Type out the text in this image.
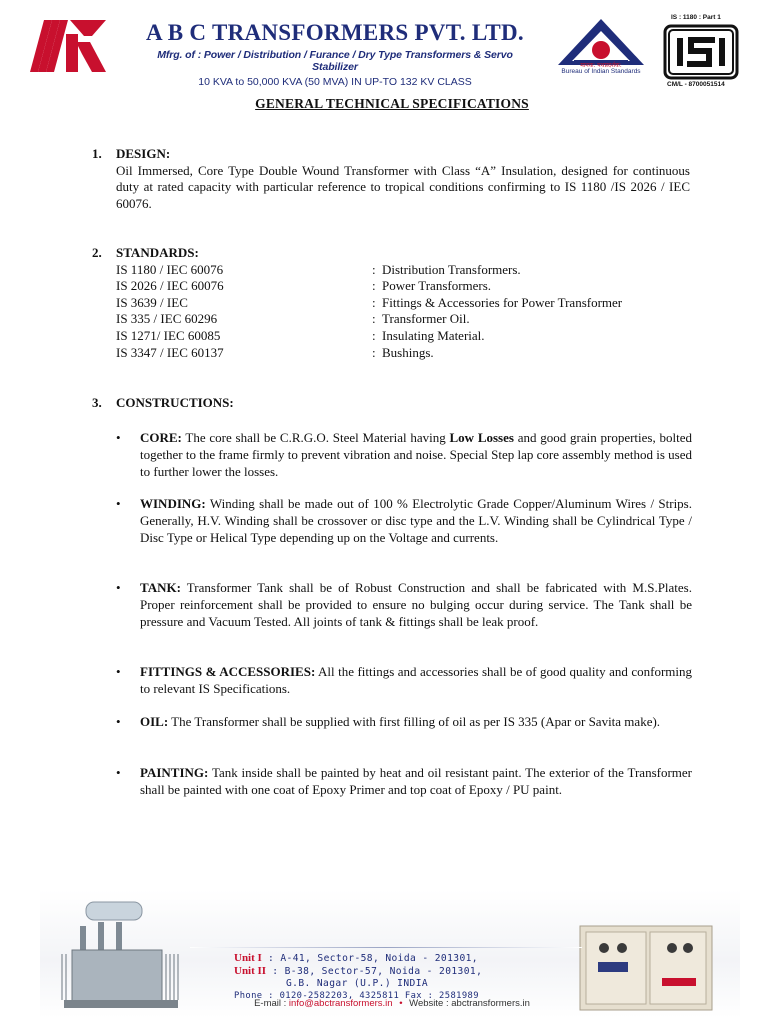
A B C TRANSFORMERS PVT. LTD.
Mfrg. of : Power / Distribution / Furance / Dry Type Transformers & Servo Stabilizer
10 KVA to 50,000 KVA (50 MVA) IN UP-TO 132 KV CLASS
मानक: पथप्रदर्शक:
Bureau of Indian Standards
IS : 1180 : Part 1
CM/L - 8700051514
GENERAL TECHNICAL SPECIFICATIONS
1.	DESIGN:
Oil Immersed, Core Type Double Wound Transformer with Class “A” Insulation, designed for continuous duty at rated capacity with particular reference to tropical conditions confirming to IS 1180 /IS 2026 / IEC 60076.
2.	STANDARDS:
IS 1180 / IEC 60076	: Distribution Transformers.
IS 2026 / IEC 60076	: Power Transformers.
IS 3639 / IEC	: Fittings & Accessories for Power Transformer
IS 335 / IEC 60296	: Transformer Oil.
IS 1271/ IEC 60085	: Insulating Material.
IS 3347 / IEC 60137	: Bushings.
3.	CONSTRUCTIONS:
•	CORE: The core shall be C.R.G.O. Steel Material having Low Losses and good grain properties, bolted together to the frame firmly to prevent vibration and noise. Special Step lap core assembly method is used to further lower the losses.
•	WINDING: Winding shall be made out of 100 % Electrolytic Grade Copper/Aluminum Wires / Strips. Generally, H.V. Winding shall be crossover or disc type and the L.V. Winding shall be Cylindrical Type / Disc Type or Helical Type depending up on the Voltage and currents.
•	TANK: Transformer Tank shall be of Robust Construction and shall be fabricated with M.S.Plates. Proper reinforcement shall be provided to ensure no bulging occur during service. The Tank shall be pressure and Vacuum Tested. All joints of tank & fittings shall be leak proof.
•	FITTINGS & ACCESSORIES: All the fittings and accessories shall be of good quality and conforming to relevant IS Specifications.
•	OIL: The Transformer shall be supplied with first filling of oil as per IS 335 (Apar or Savita make).
•	PAINTING: Tank inside shall be painted by heat and oil resistant paint. The exterior of the Transformer shall be painted with one coat of Epoxy Primer and top coat of Epoxy / PU paint.
Unit I : A-41, Sector-58, Noida - 201301,
Unit II : B-38, Sector-57, Noida - 201301,
G.B. Nagar (U.P.) INDIA
Phone : 0120-2582203, 4325811 Fax : 2581989
E-mail : info@abctransformers.in • Website : abctransformers.in
